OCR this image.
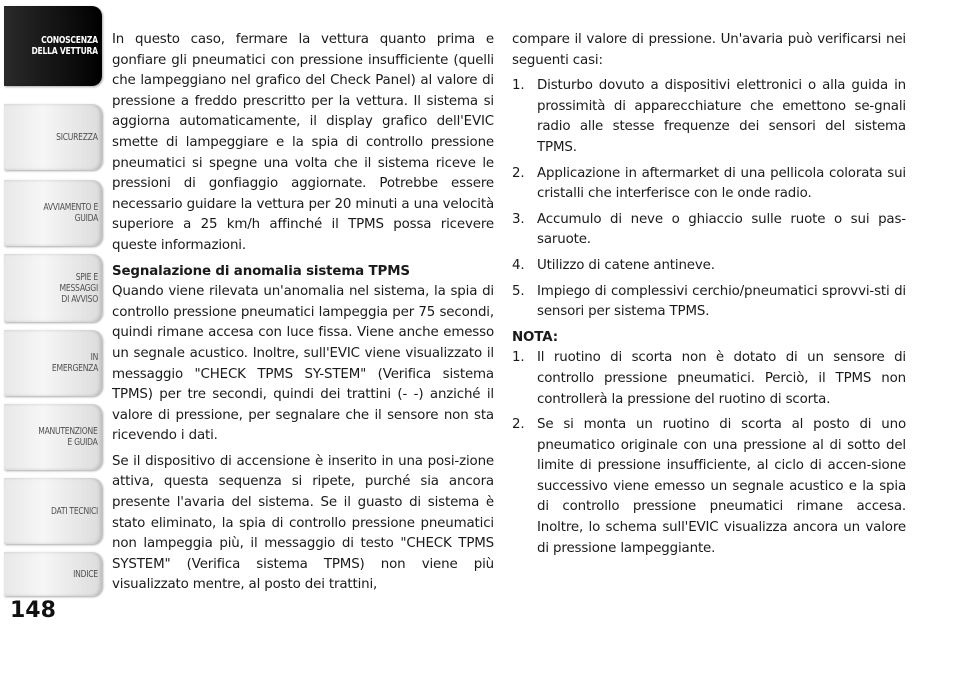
CONOSCENZA
DELLA VETTURA
SICUREZZA
AVVIAMENTO E
GUIDA
SPIE E
MESSAGGI
DI AVVISO
IN
EMERGENZA
MANUTENZIONE
E GUIDA
DATI TECNICI
INDICE
148

In questo caso, fermare la vettura quanto prima e gonfiare gli pneumatici con pressione insufficiente (quelli che lampeggiano nel grafico del Check Panel) al valore di pressione a freddo prescritto per la vettura. Il sistema si aggiorna automaticamente, il display grafico dell'EVIC smette di lampeggiare e la spia di controllo pressione pneumatici si spegne una volta che il sistema riceve le pressioni di gonfiaggio aggiornate. Potrebbe essere necessario guidare la vettura per 20 minuti a una velocità superiore a 25 km/h affinché il TPMS possa ricevere queste informazioni.

Segnalazione di anomalia sistema TPMS

Quando viene rilevata un'anomalia nel sistema, la spia di controllo pressione pneumatici lampeggia per 75 secondi, quindi rimane accesa con luce fissa. Viene anche emesso un segnale acustico. Inoltre, sull'EVIC viene visualizzato il messaggio "CHECK TPMS SY-STEM" (Verifica sistema TPMS) per tre secondi, quindi dei trattini (- -) anziché il valore di pressione, per segnalare che il sensore non sta ricevendo i dati.

Se il dispositivo di accensione è inserito in una posi-zione attiva, questa sequenza si ripete, purché sia ancora presente l'avaria del sistema. Se il guasto di sistema è stato eliminato, la spia di controllo pressione pneumatici non lampeggia più, il messaggio di testo "CHECK TPMS SYSTEM" (Verifica sistema TPMS) non viene più visualizzato mentre, al posto dei trattini,

compare il valore di pressione. Un'avaria può verificarsi nei seguenti casi:

1. Disturbo dovuto a dispositivi elettronici o alla guida in prossimità di apparecchiature che emettono se-gnali radio alle stesse frequenze dei sensori del sistema TPMS.
2. Applicazione in aftermarket di una pellicola colorata sui cristalli che interferisce con le onde radio.
3. Accumulo di neve o ghiaccio sulle ruote o sui pas-saruote.
4. Utilizzo di catene antineve.
5. Impiego di complessivi cerchio/pneumatici sprovvi-sti di sensori per sistema TPMS.
NOTA:
1. Il ruotino di scorta non è dotato di un sensore di controllo pressione pneumatici. Perciò, il TPMS non controllerà la pressione del ruotino di scorta.
2. Se si monta un ruotino di scorta al posto di uno pneumatico originale con una pressione al di sotto del limite di pressione insufficiente, al ciclo di accen-sione successivo viene emesso un segnale acustico e la spia di controllo pressione pneumatici rimane accesa. Inoltre, lo schema sull'EVIC visualizza ancora un valore di pressione lampeggiante.
